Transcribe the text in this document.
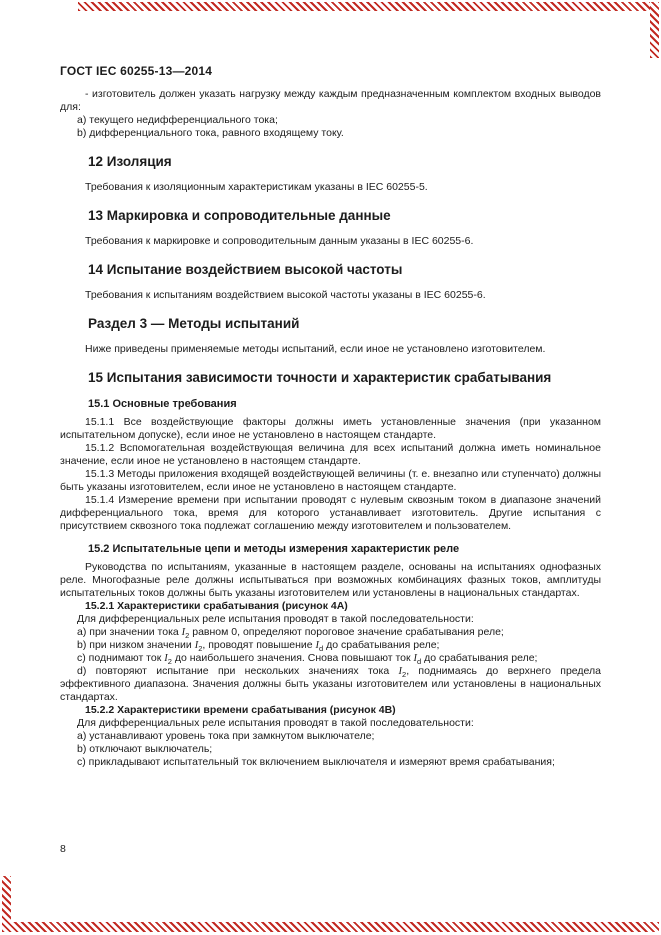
ГОСТ IEC 60255-13—2014

- изготовитель должен указать нагрузку между каждым предназначенным комплектом входных выводов для:

a) текущего недифференциального тока;
b) дифференциального тока, равного входящему току.
12 Изоляция

Требования к изоляционным характеристикам указаны в IEC 60255-5.

13 Маркировка и сопроводительные данные

Требования к маркировке и сопроводительным данным указаны в IEC 60255-6.

14 Испытание воздействием высокой частоты

Требования к испытаниям воздействием высокой частоты указаны в IEC 60255-6.

Раздел 3 — Методы испытаний

Ниже приведены применяемые методы испытаний, если иное не установлено изготовителем.

15 Испытания зависимости точности и характеристик срабатывания
15.1 Основные требования

15.1.1 Все воздействующие факторы должны иметь установленные значения (при указанном испытательном допуске), если иное не установлено в настоящем стандарте.

15.1.2 Вспомогательная воздействующая величина для всех испытаний должна иметь номинальное значение, если иное не установлено в настоящем стандарте.

15.1.3 Методы приложения входящей воздействующей величины (т. е. внезапно или ступенчато) должны быть указаны изготовителем, если иное не установлено в настоящем стандарте.

15.1.4 Измерение времени при испытании проводят с нулевым сквозным током в диапазоне значений дифференциального тока, время для которого устанавливает изготовитель. Другие испытания с присутствием сквозного тока подлежат соглашению между изготовителем и пользователем.

15.2 Испытательные цепи и методы измерения характеристик реле

Руководства по испытаниям, указанные в настоящем разделе, основаны на испытаниях однофазных реле. Многофазные реле должны испытываться при возможных комбинациях фазных токов, амплитуды испытательных токов должны быть указаны изготовителем или установлены в национальных стандартах.

15.2.1 Характеристики срабатывания (рисунок 4A)
Для дифференциальных реле испытания проводят в такой последовательности:
a) при значении тока $I_2$ равном 0, определяют пороговое значение срабатывания реле;
b) при низком значении $I_2$, проводят повышение $I_d$ до срабатывания реле;
c) поднимают ток $I_2$ до наибольшего значения. Снова повышают ток $I_d$ до срабатывания реле;
d) повторяют испытание при нескольких значениях тока $I_2$, поднимаясь до верхнего предела эффективного диапазона. Значения должны быть указаны изготовителем или установлены в национальных стандартах.
15.2.2 Характеристики времени срабатывания (рисунок 4B)
Для дифференциальных реле испытания проводят в такой последовательности:
a) устанавливают уровень тока при замкнутом выключателе;
b) отключают выключатель;
c) прикладывают испытательный ток включением выключателя и измеряют время срабатывания;
8
